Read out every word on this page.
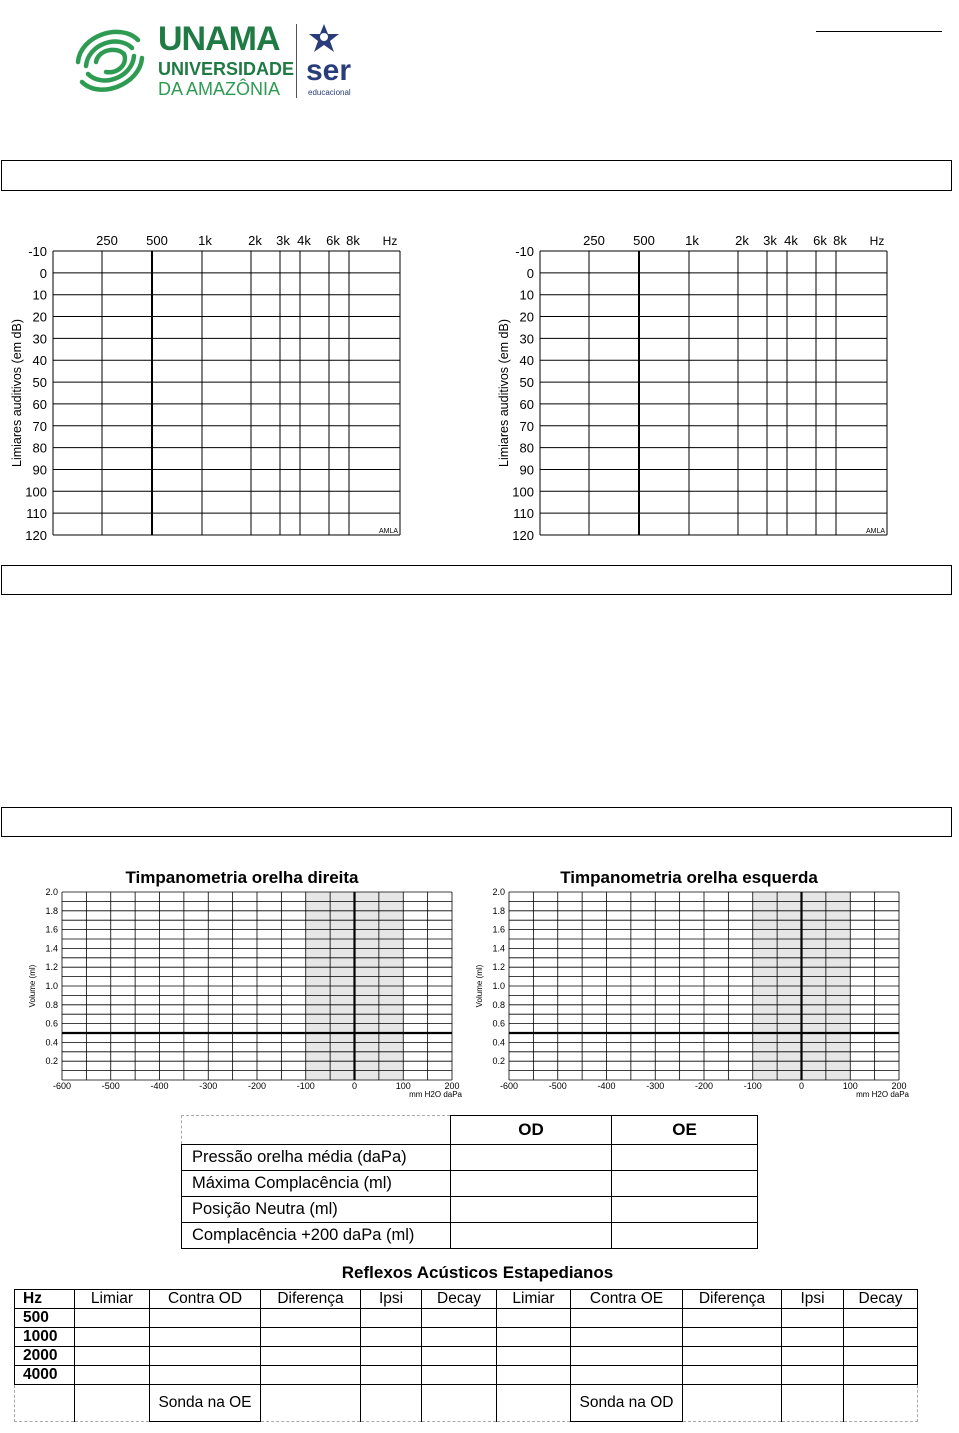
UNAMA
UNIVERSIDADE
DA AMAZÔNIA
ser
educacional
-10
0
10
20
30
40
50
60
70
80
90
100
110
120
250 500 1k	2k 3k 4k 6k 8k Hz
Limiares auditivos (em dB)
AMLA
-10
0
10
20
30
40
50
60
70
80
90
100
110
120
250 500 1k	2k 3k 4k 6k 8k Hz
Limiares auditivos (em dB)
AMLA
2.0
1.8
1.6
1.4
1.2
1.0
0.8
0.6
0.4
0.2
-600	-500	-400	-300	-200	-100	0	100	200
mm H2O daPa
Volume (ml)
Timpanometria orelha direita
2.0
1.8
1.6
1.4
1.2
1.0
0.8
0.6
0.4
0.2
-600	-500	-400	-300	-200	-100	0	100	200
mm H2O daPa
Volume (ml)
Timpanometria orelha esquerda
	OD	OE
Pressão orelha média (daPa)		
Máxima Complacência (ml)		
Posição Neutra (ml)		
Complacência +200 daPa (ml)		
Reflexos Acústicos Estapedianos
Hz	Limiar	Contra OD	Diferença	Ipsi	Decay	Limiar	Contra OE	Diferença	Ipsi	Decay
500										
1000										
2000										
4000										
		Sonda na OE					Sonda na OD			
